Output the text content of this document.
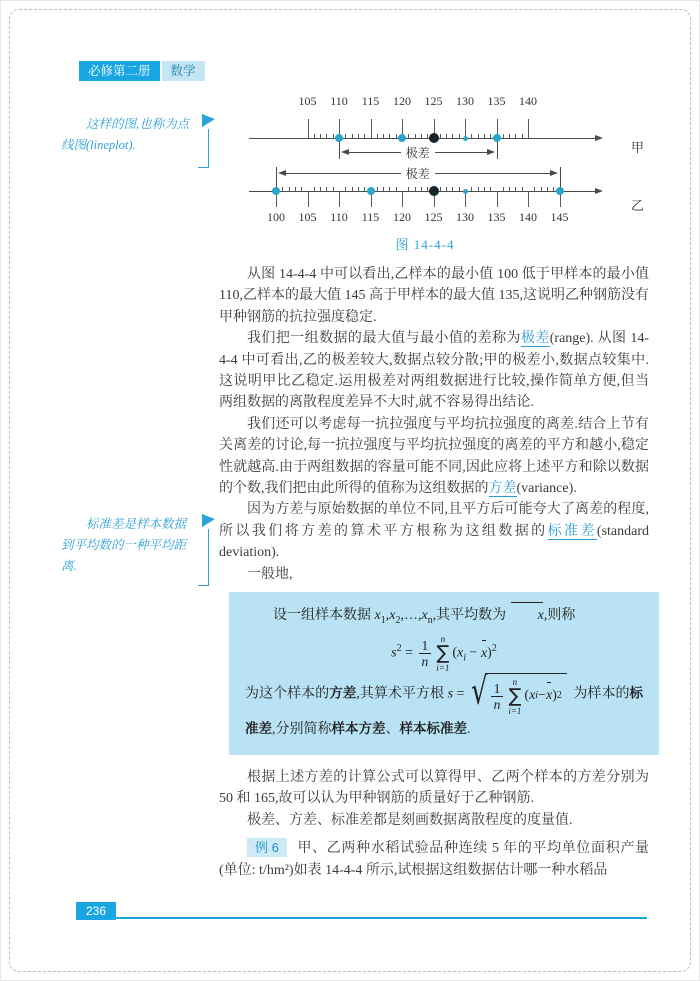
必修第二册	数学
这样的图,也称为点线图(lineplot).
标准差是样本数据到平均数的一种平均距离.
105	110	115	120	125	130	135	140
极差	甲
100	105	110	115	120	125	130	135	140	145
极差
乙
图 14-4-4

从图 14-4-4 中可以看出,乙样本的最小值 100 低于甲样本的最小值 110,乙样本的最大值 145 高于甲样本的最大值 135,这说明乙种钢筋没有甲种钢筋的抗拉强度稳定.

我们把一组数据的最大值与最小值的差称为极差(range). 从图 14-4-4 中可看出,乙的极差较大,数据点较分散;甲的极差小,数据点较集中.这说明甲比乙稳定.运用极差对两组数据进行比较,操作简单方便,但当两组数据的离散程度差异不大时,就不容易得出结论.

我们还可以考虑每一抗拉强度与平均抗拉强度的离差.结合上节有关离差的讨论,每一抗拉强度与平均抗拉强度的离差的平方和越小,稳定性就越高.由于两组数据的容量可能不同,因此应将上述平方和除以数据的个数,我们把由此所得的值称为这组数据的方差(variance).

因为方差与原始数据的单位不同,且平方后可能夸大了离差的程度,所以我们将方差的算术平方根称为这组数据的标准差(standard deviation).

一般地,

设一组样本数据 $x_1,x_2,\dots,x_n$,其平均数为 x,则称

$s^2 = \frac{1}{n}$ n
∑
i=1
$(x_i - x)^2$

为这个样本的方差,其算术平方根 s = √ $\frac{1}{n}$ n
∑
i=1
( x i − x ) 2 为样本的标准差,分别简称样本方差、样本标准差.

根据上述方差的计算公式可以算得甲、乙两个样本的方差分别为 50 和 165,故可以认为甲种钢筋的质量好于乙种钢筋.

极差、方差、标准差都是刻画数据离散程度的度量值.

例 6 甲、乙两种水稻试验品种连续 5 年的平均单位面积产量 (单位: t/hm²)如表 14-4-4 所示,试根据这组数据估计哪一种水稻品

236
